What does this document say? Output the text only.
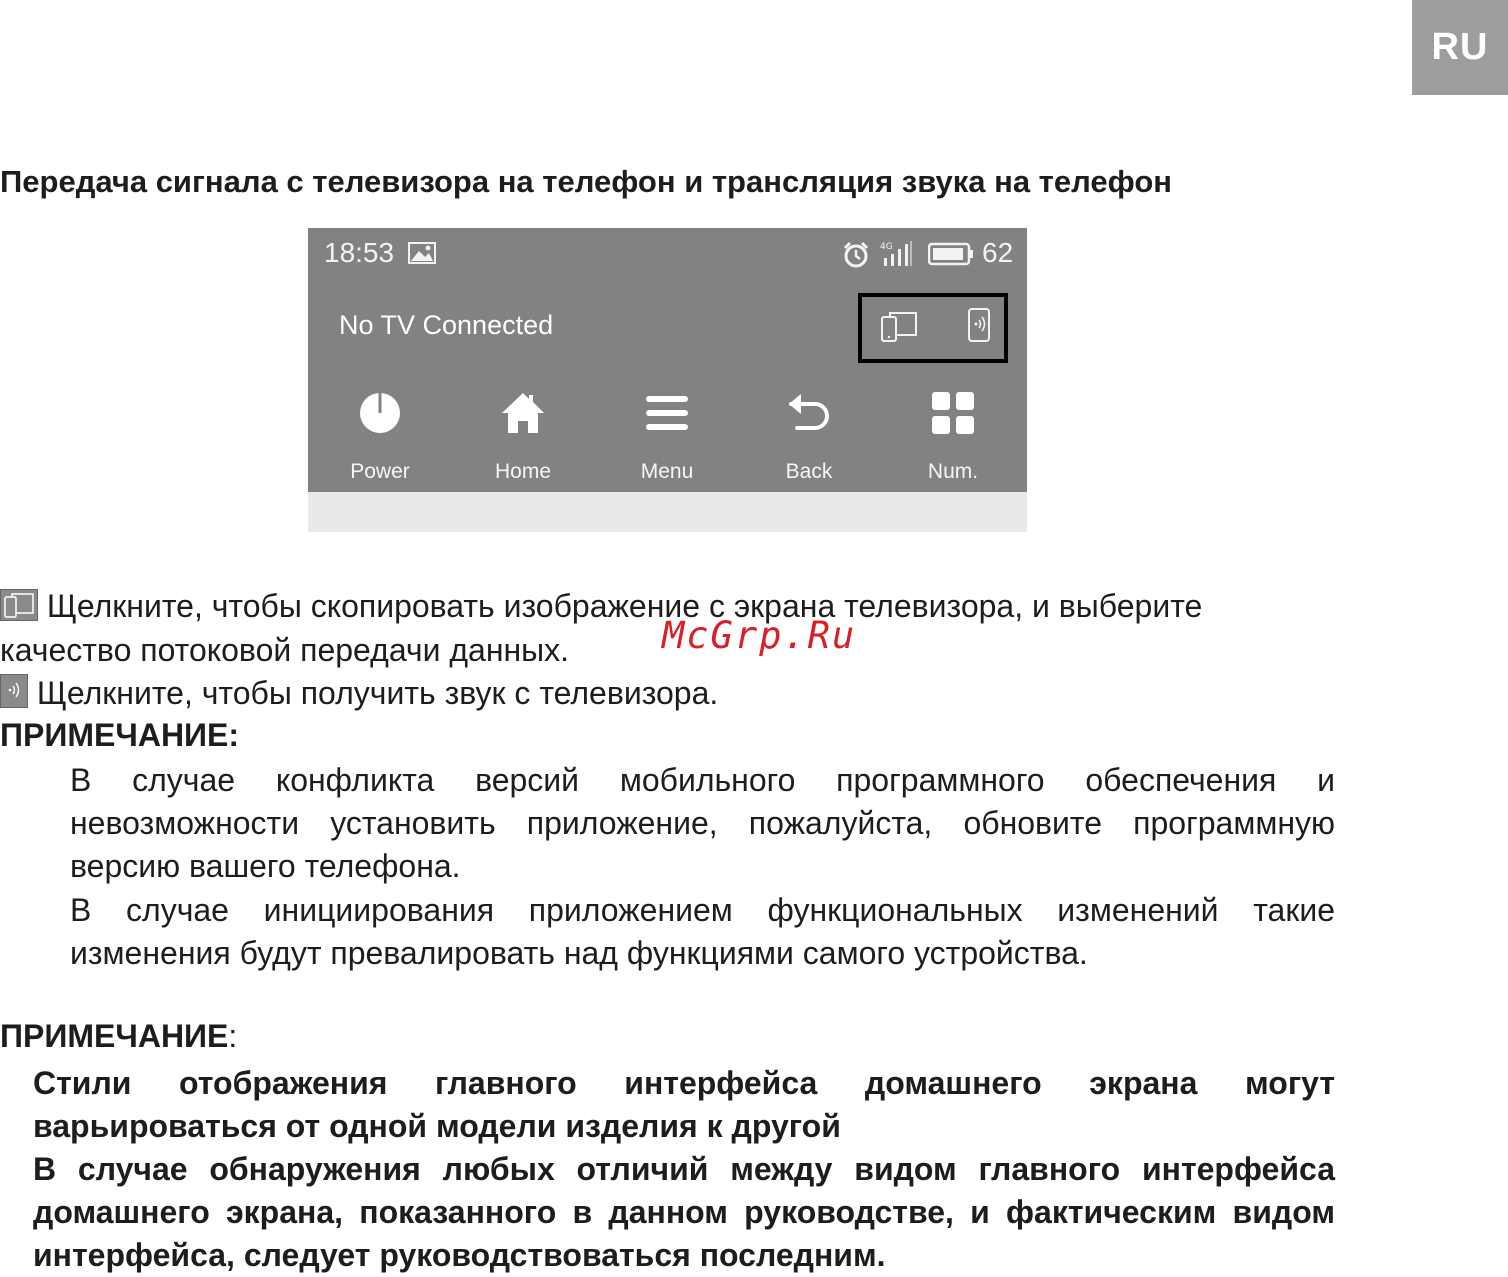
RU
Передача сигнала с телевизора на телефон и трансляция звука на телефон
18:53	4G	62
No TV Connected
Power	Home	Menu	Back	Num.

Щелкните, чтобы скопировать изображение с экрана телевизора, и выберите

качество потоковой передачи данных.	McGrp.Ru

Щелкните, чтобы получить звук с телевизора.

ПРИМЕЧАНИЕ:

В случае конфликта версий мобильного программного обеспечения и невозможности установить приложение, пожалуйста, обновите программную версию вашего телефона.

В случае инициирования приложением функциональных изменений такие изменения будут превалировать над функциями самого устройства.

ПРИМЕЧАНИЕ:

Стили отображения главного интерфейса домашнего экрана могут варьироваться от одной модели изделия к другой

В случае обнаружения любых отличий между видом главного интерфейса домашнего экрана, показанного в данном руководстве, и фактическим видом интерфейса, следует руководствоваться последним.
